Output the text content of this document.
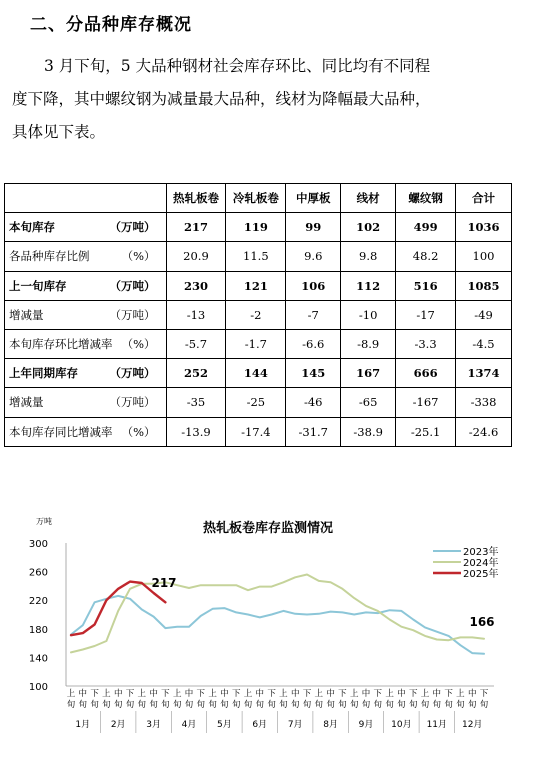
二、分品种库存概况
3 月下旬，5 大品种钢材社会库存环比、同比均有不同程
度下降，其中螺纹钢为减量最大品种，线材为降幅最大品种，
具体见下表。
	热轧板卷	冷轧板卷	中厚板	线材	螺纹钢	合计

本旬库存 （万吨）	217	119	99	102	499	1036

各品种库存比例 （%）	20.9	11.5	9.6	9.8	48.2	100

上一旬库存 （万吨）	230	121	106	112	516	1085

增减量 （万吨）	-13	-2	-7	-10	-17	-49

本旬库存环比增减率 （%）	-5.7	-1.7	-6.6	-8.9	-3.3	-4.5

上年同期库存 （万吨）	252	144	145	167	666	1374

增减量 （万吨）	-35	-25	-46	-65	-167	-338

本旬库存同比增减率 （%）	-13.9	-17.4	-31.7	-38.9	-25.1	-24.6
热轧板卷库存监测情况
万吨
300
260
220
180
140
100
上
旬
中
旬
下
旬
上
旬
中
旬
下
旬
上
旬
中
旬
下
旬
上
旬
中
旬
下
旬
上
旬
中
旬
下
旬
上
旬
中
旬
下
旬
上
旬
中
旬
下
旬
上
旬
中
旬
下
旬
上
旬
中
旬
下
旬
上
旬
中
旬
下
旬
上
旬
中
旬
下
旬
上
旬
中
旬
下
旬
1月 2月 3月 4月 5月 6月 7月 8月 9月 10月 11月 12月
2023年
2024年
2025年
217
166
